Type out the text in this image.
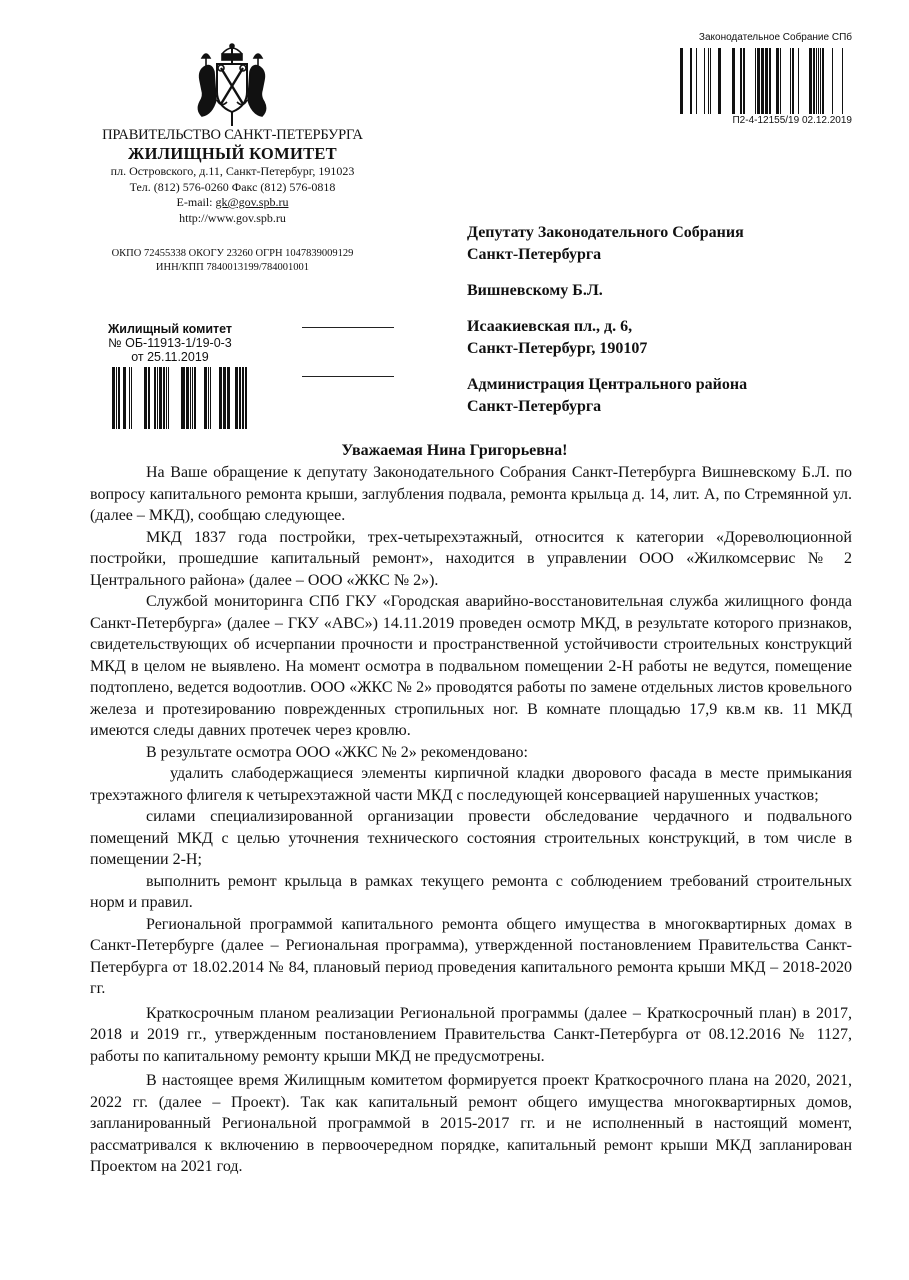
ПРАВИТЕЛЬСТВО САНКТ-ПЕТЕРБУРГА
ЖИЛИЩНЫЙ КОМИТЕТ
пл. Островского, д.11, Санкт-Петербург, 191023
Тел. (812) 576-0260 Факс (812) 576-0818
E-mail: gk@gov.spb.ru
http://www.gov.spb.ru
ОКПО 72455338 ОКОГУ 23260 ОГРН 1047839009129
ИНН/КПП 7840013199/784001001
Законодательное Собрание СПб
П2-4-12155/19 02.12.2019
Жилищный комитет
№ ОБ-11913-1/19-0-3
от 25.11.2019

Депутату Законодательного Собрания

Санкт-Петербурга

Вишневскому Б.Л.

Исаакиевская пл., д. 6,

Санкт-Петербург, 190107

Администрация Центрального района

Санкт-Петербурга

Уважаемая Нина Григорьевна!

На Ваше обращение к депутату Законодательного Собрания Санкт-Петербурга Вишневскому Б.Л. по вопросу капитального ремонта крыши, заглубления подвала, ремонта крыльца д. 14, лит. А, по Стремянной ул. (далее – МКД), сообщаю следующее.

МКД 1837 года постройки, трех-четырехэтажный, относится к категории «Дореволюционной постройки, прошедшие капитальный ремонт», находится в управлении ООО «Жилкомсервис № 2 Центрального района» (далее – ООО «ЖКС № 2»).

Службой мониторинга СПб ГКУ «Городская аварийно-восстановительная служба жилищного фонда Санкт-Петербурга» (далее – ГКУ «АВС») 14.11.2019 проведен осмотр МКД, в результате которого признаков, свидетельствующих об исчерпании прочности и пространственной устойчивости строительных конструкций МКД в целом не выявлено. На момент осмотра в подвальном помещении 2-Н работы не ведутся, помещение подтоплено, ведется водоотлив. ООО «ЖКС № 2» проводятся работы по замене отдельных листов кровельного железа и протезированию поврежденных стропильных ног. В комнате площадью 17,9 кв.м кв. 11 МКД имеются следы давних протечек через кровлю.

В результате осмотра ООО «ЖКС № 2» рекомендовано:

удалить слабодержащиеся элементы кирпичной кладки дворового фасада в месте примыкания трехэтажного флигеля к четырехэтажной части МКД с последующей консервацией нарушенных участков;

силами специализированной организации провести обследование чердачного и подвального помещений МКД с целью уточнения технического состояния строительных конструкций, в том числе в помещении 2-Н;

выполнить ремонт крыльца в рамках текущего ремонта с соблюдением требований строительных норм и правил.

Региональной программой капитального ремонта общего имущества в многоквартирных домах в Санкт-Петербурге (далее – Региональная программа), утвержденной постановлением Правительства Санкт-Петербурга от 18.02.2014 № 84, плановый период проведения капитального ремонта крыши МКД – 2018-2020 гг.

Краткосрочным планом реализации Региональной программы (далее – Краткосрочный план) в 2017, 2018 и 2019 гг., утвержденным постановлением Правительства Санкт-Петербурга от 08.12.2016 № 1127, работы по капитальному ремонту крыши МКД не предусмотрены.

В настоящее время Жилищным комитетом формируется проект Краткосрочного плана на 2020, 2021, 2022 гг. (далее – Проект). Так как капитальный ремонт общего имущества многоквартирных домов, запланированный Региональной программой в 2015-2017 гг. и не исполненный в настоящий момент, рассматривался к включению в первоочередном порядке, капитальный ремонт крыши МКД запланирован Проектом на 2021 год.
